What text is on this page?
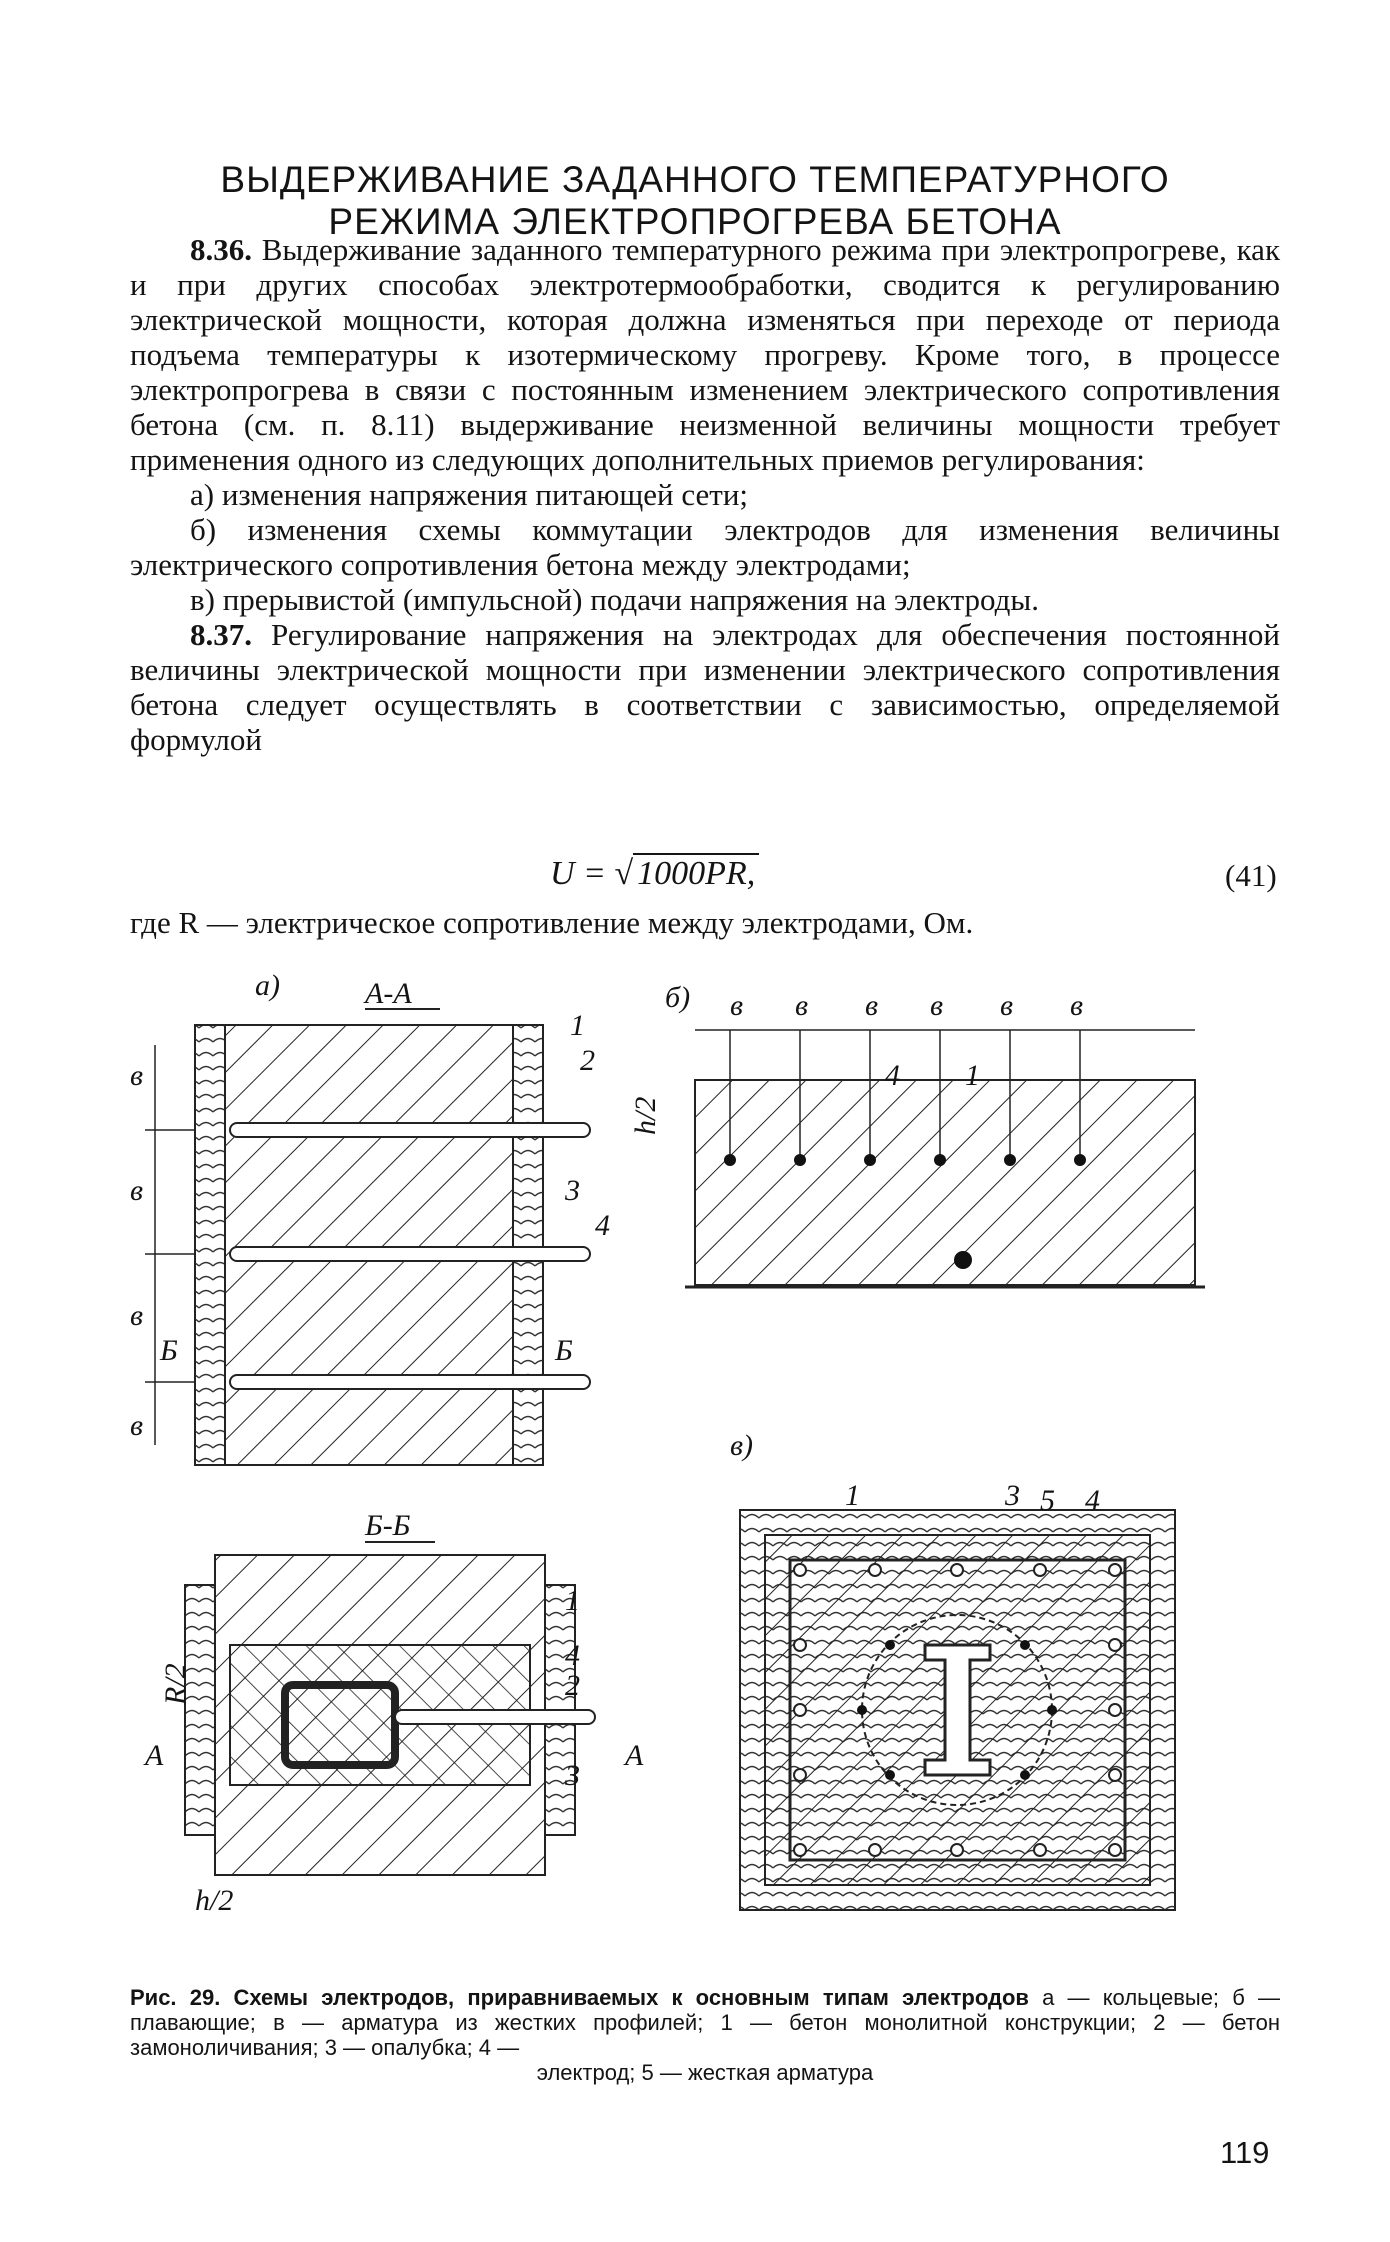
ВЫДЕРЖИВАНИЕ ЗАДАННОГО ТЕМПЕРАТУРНОГО
РЕЖИМА ЭЛЕКТРОПРОГРЕВА БЕТОНА

8.36. Выдерживание заданного температурного режима при электропрогреве, как и при других способах электротермообработки, сводится к регулированию электрической мощности, которая должна изменяться при переходе от периода подъема температуры к изотермическому прогреву. Кроме того, в процессе электропрогрева в связи с постоянным изменением электрического сопротивления бетона (см. п. 8.11) выдерживание неизменной величины мощности требует применения одного из следующих дополнительных приемов регулирования:

а) изменения напряжения питающей сети;

б) изменения схемы коммутации электродов для изменения величины электрического сопротивления бетона между электродами;

в) прерывистой (импульсной) подачи напряжения на электроды.

8.37. Регулирование напряжения на электродах для обеспечения постоянной величины электрической мощности при изменении электрического сопротивления бетона следует осуществлять в соответствии с зависимостью, определяемой формулой

U = √ 1000PR,	(41)
где R — электрическое сопротивление между электродами, Ом.
а)	А-А
в
в
в
в
Б	Б
1
2
3
4
б) в в в в в в
h/2
4 1
Б-Б
R/2
А	А
1
4
2
3
h/2
в)
1	3 5 4
Рис. 29. Схемы электродов, приравниваемых к основным типам электродов а — кольцевые; б — плавающие; в — арматура из жестких профилей; 1 — бетон монолитной конструкции; 2 — бетон замоноличивания; 3 — опалубка; 4 —
электрод; 5 — жесткая арматура
119
